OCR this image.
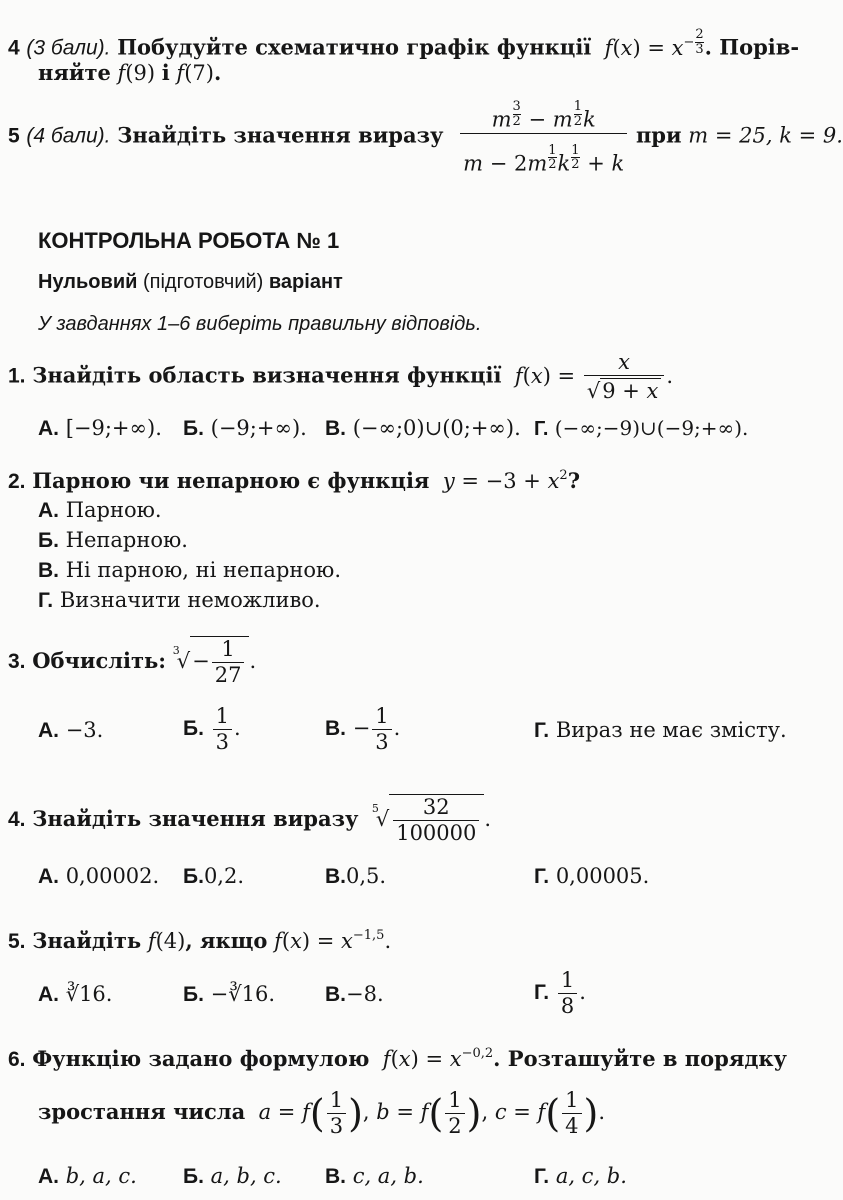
4 (3 бали). Побудуйте схематично графік функції $f(x) = x^{- \frac{2}{3}}$ . Порів-
няйте f(9) і f(7).
5 (4 бали). Знайдіть значення виразу m $^{\frac{3}{2}}$ − m $^{\frac{1}{2}}$ k
m − 2m $^{\frac{1}{2}}$ k $^{\frac{1}{2}}$ + k при m = 25, k = 9.
КОНТРОЛЬНА РОБОТА № 1
Нульовий (підготовчий) варіант
У завданнях 1–6 виберіть правильну відповідь.
1. Знайдіть область визначення функції $f(x) = \frac{x}{√9 + x}$ .
А. [−9;+∞). Б. (−9;+∞). В. (−∞;0)∪(0;+∞). Г. (−∞;−9)∪(−9;+∞).
2. Парною чи непарною є функція $y = -3 + x^2$?
А. Парною.
Б. Непарною.
В. Ні парною, ні непарною.
Г. Визначити неможливо.
3. Обчисліть: $^3√- \frac{1}{27}$ .
А. −3.	Б. $\frac{1}{3}$ .	В. − $\frac{1}{3}$ .	Г. Вираз не має змісту.
4. Знайдіть значення виразу $^5√ \frac{32}{100000}$ .
А. 0,00002. Б.0,2.	В.0,5.	Г. 0,00005.
5. Знайдіть f(4), якщо $f(x) = x^{-1,5}$.
А. ∛16.	Б. −∛16. В.−8.	Г. $\frac{1}{8}$ .
6. Функцію задано формулою $f(x) = x^{-0,2}$. Розташуйте в порядку
зростання числа $a = f( \frac{1}{3}$ ), $b = f( \frac{1}{2}$ ), $c = f( \frac{1}{4}$ ).
А. b, a, c. Б. a, b, c. В. c, a, b.	Г. a, c, b.
